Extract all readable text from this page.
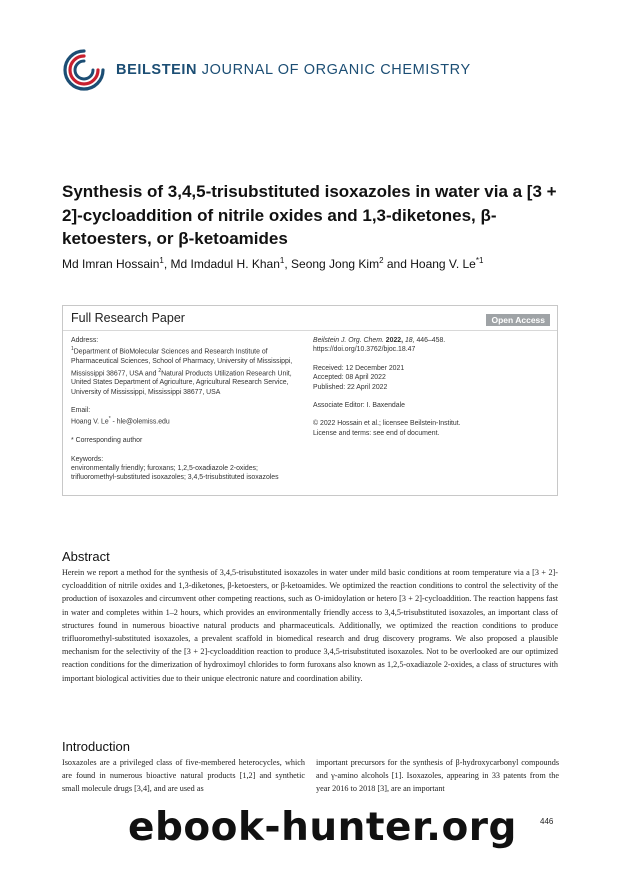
BEILSTEIN JOURNAL OF ORGANIC CHEMISTRY
Synthesis of 3,4,5-trisubstituted isoxazoles in water via a [3 + 2]-cycloaddition of nitrile oxides and 1,3-diketones, β-ketoesters, or β-ketoamides
Md Imran Hossain$^1$, Md Imdadul H. Khan$^1$, Seong Jong Kim$^2$ and Hoang V. Le$^{*1}$
Full Research Paper	Open Access

Address:

$^1$Department of BioMolecular Sciences and Research Institute of Pharmaceutical Sciences, School of Pharmacy, University of Mississippi, Mississippi 38677, USA and $^2$Natural Products Utilization Research Unit, United States Department of Agriculture, Agricultural Research Service, University of Mississippi, Mississippi 38677, USA

Email:

Hoang V. Le* - hle@olemiss.edu

* Corresponding author

Keywords:

environmentally friendly; furoxans; 1,2,5-oxadiazole 2-oxides; trifluoromethyl-substituted isoxazoles; 3,4,5-trisubstituted isoxazoles

Beilstein J. Org. Chem. 2022, 18, 446–458.

https://doi.org/10.3762/bjoc.18.47

Received: 12 December 2021

Accepted: 08 April 2022

Published: 22 April 2022

Associate Editor: I. Baxendale

© 2022 Hossain et al.; licensee Beilstein-Institut.

License and terms: see end of document.

Abstract

Herein we report a method for the synthesis of 3,4,5-trisubstituted isoxazoles in water under mild basic conditions at room temperature via a [3 + 2]-cycloaddition of nitrile oxides and 1,3-diketones, β-ketoesters, or β-ketoamides. We optimized the reaction conditions to control the selectivity of the production of isoxazoles and circumvent other competing reactions, such as O-imidoylation or hetero [3 + 2]-cycloaddition. The reaction happens fast in water and completes within 1–2 hours, which provides an environmentally friendly access to 3,4,5-trisubstituted isoxazoles, an important class of structures found in numerous bioactive natural products and pharmaceuticals. Additionally, we optimized the reaction conditions to produce trifluoromethyl-substituted isoxazoles, a prevalent scaffold in biomedical research and drug discovery programs. We also proposed a plausible mechanism for the selectivity of the [3 + 2]-cycloaddition reaction to produce 3,4,5-trisubstituted isoxazoles. Not to be overlooked are our optimized reaction conditions for the dimerization of hydroximoyl chlorides to form furoxans also known as 1,2,5-oxadiazole 2-oxides, a class of structures with important biological activities due to their unique electronic nature and coordination ability.

Introduction

Isoxazoles are a privileged class of five-membered heterocycles, which are found in numerous bioactive natural products [1,2] and synthetic small molecule drugs [3,4], and are used as

important precursors for the synthesis of β-hydroxycarbonyl compounds and γ-amino alcohols [1]. Isoxazoles, appearing in 33 patents from the year 2016 to 2018 [3], are an important

446
ebook-hunter.org
